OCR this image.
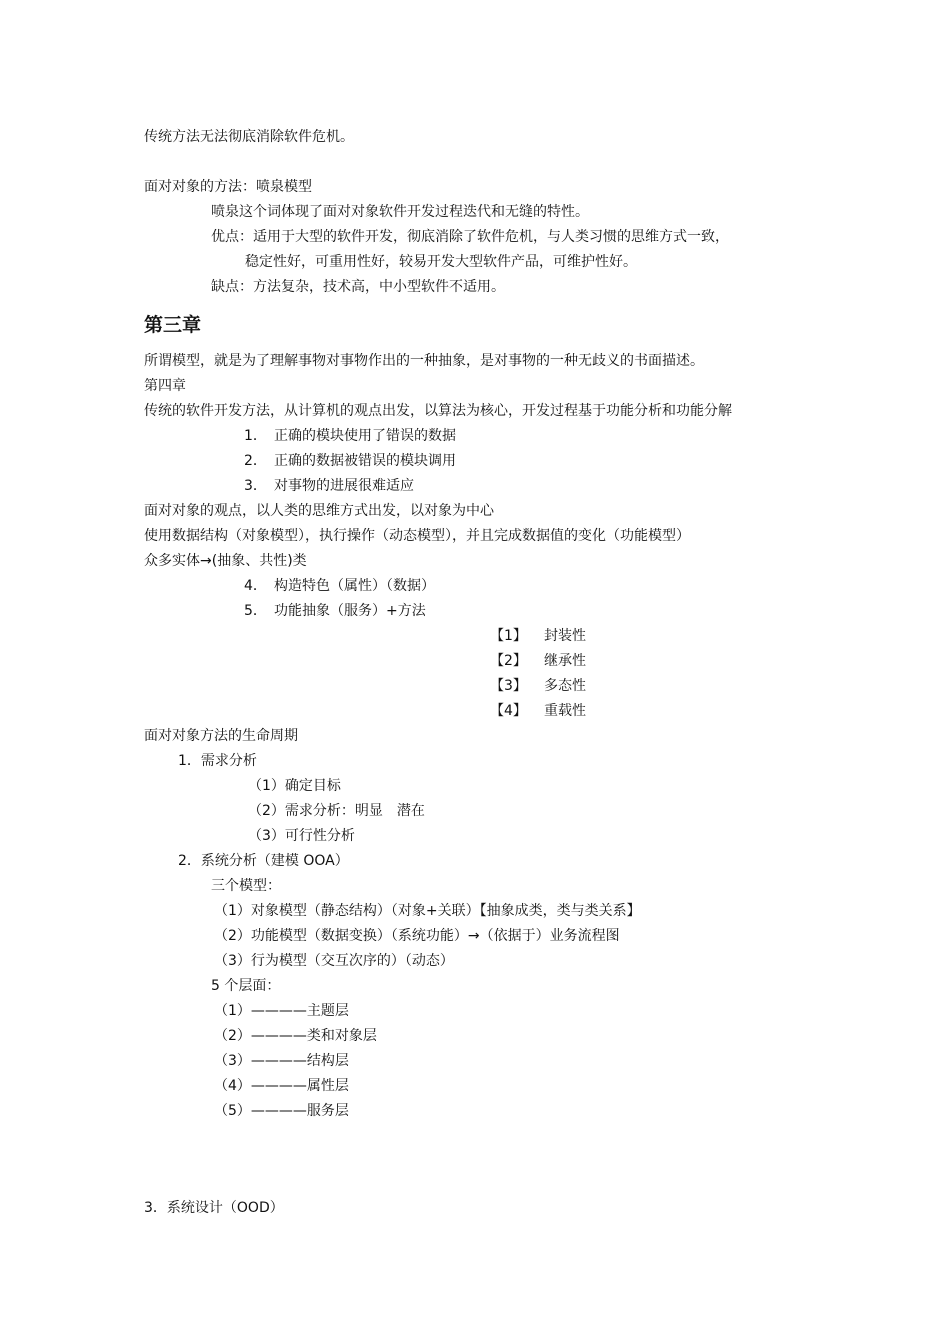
传统方法无法彻底消除软件危机。
面对对象的方法：喷泉模型
喷泉这个词体现了面对对象软件开发过程迭代和无缝的特性。
优点：适用于大型的软件开发，彻底消除了软件危机，与人类习惯的思维方式一致，
稳定性好，可重用性好，较易开发大型软件产品，可维护性好。
缺点：方法复杂，技术高，中小型软件不适用。
第三章
所谓模型，就是为了理解事物对事物作出的一种抽象，是对事物的一种无歧义的书面描述。
第四章
传统的软件开发方法，从计算机的观点出发，以算法为核心，开发过程基于功能分析和功能分解
1． 正确的模块使用了错误的数据
2． 正确的数据被错误的模块调用
3． 对事物的进展很难适应
面对对象的观点，以人类的思维方式出发，以对象为中心
使用数据结构（对象模型），执行操作（动态模型），并且完成数据值的变化（功能模型）
众多实体→(抽象、共性)类
4． 构造特色（属性）（数据）
5． 功能抽象（服务）+方法
【1】 封装性
【2】 继承性
【3】 多态性
【4】 重载性
面对对象方法的生命周期
1．需求分析
（1）确定目标
（2）需求分析：明显　潜在
（3）可行性分析
2．系统分析（建模 OOA）
三个模型：
（1）对象模型（静态结构）（对象+关联）【抽象成类，类与类关系】
（2）功能模型（数据变换）（系统功能）→（依据于）业务流程图
（3）行为模型（交互次序的）（动态）
5 个层面：
（1）————主题层
（2）————类和对象层
（3）————结构层
（4）————属性层
（5）————服务层
3．系统设计（OOD）
